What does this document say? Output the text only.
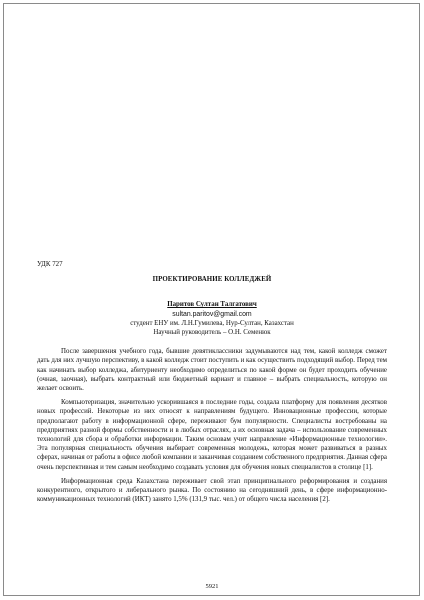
УДК 727

ПРОЕКТИРОВАНИЕ КОЛЛЕДЖЕЙ

Паритов Султан Талгатович

sultan.paritov@gmail.com

студент ЕНУ им. Л.Н.Гумилева, Нур-Султан, Казахстан

Научный руководитель – О.Н. Семенюк

После завершения учебного года, бывшие девятиклассники задумываются над тем, какой колледж сможет дать для них лучшую перспективу, в какой колледж стоит поступить и как осуществить подходящий выбор. Перед тем как начинать выбор колледжа, абитуриенту необходимо определиться по какой форме он будет проходить обучение (очная, заочная), выбрать контрактный или бюджетный вариант и главное – выбрать специальность, которую он желает освоить.

Компьютеризация, значительно ускорившаяся в последние годы, создала платформу для появления десятков новых профессий. Некоторые из них относят к направлениям будущего. Инновационные профессии, которые предполагают работу в информационной сфере, переживают бум популярности. Специалисты востребованы на предприятиях разной формы собственности и в любых отраслях, а их основная задача – использование современных технологий для сбора и обработки информации. Таким основам учит направление «Информационные технологии». Эта популярная специальность обучения выбирает современная молодежь, которая может развиваться в разных сферах, начиная от работы в офисе любой компании и заканчивая созданием собственного предприятия. Данная сфера очень перспективная и тем самым необходимо создавать условия для обучения новых специалистов в столице [1].

Информационная среда Казахстана переживает свой этап принципиального реформирования и создания конкурентного, открытого и либерального рынка. По состоянию на сегодняшний день, в сфере информационно-коммуникационных технологий (ИКТ) занято 1,5% (131,9 тыс. чел.) от общего числа населения [2].

5921
